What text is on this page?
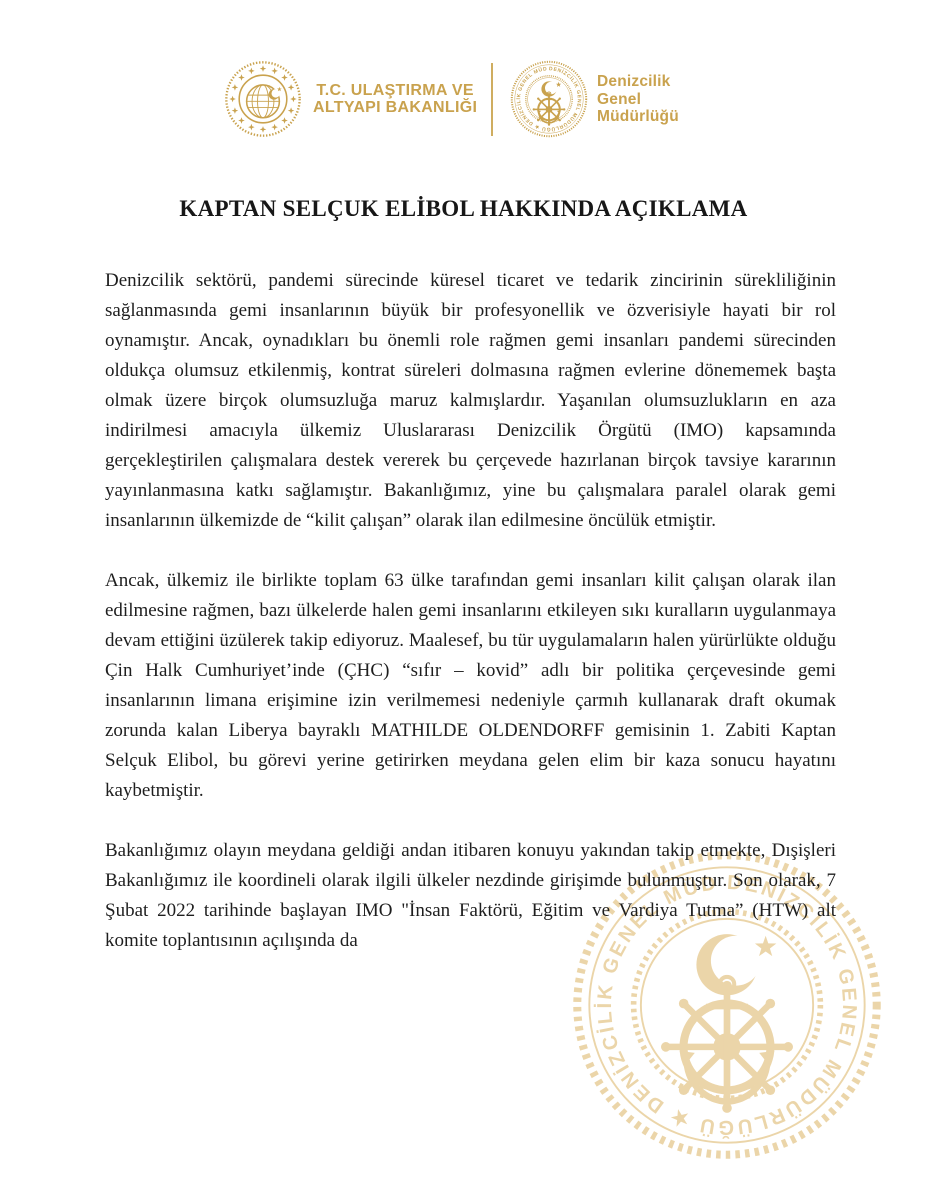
T.C. ULAŞTIRMA VE
ALTYAPI BAKANLIĞI
Denizcilik
Genel
Müdürlüğü
KAPTAN SELÇUK ELİBOL HAKKINDA AÇIKLAMA

Denizcilik sektörü, pandemi sürecinde küresel ticaret ve tedarik zincirinin sürekliliğinin sağlanmasında gemi insanlarının büyük bir profesyonellik ve özverisiyle hayati bir rol oynamıştır. Ancak, oynadıkları bu önemli role rağmen gemi insanları pandemi sürecinden oldukça olumsuz etkilenmiş, kontrat süreleri dolmasına rağmen evlerine dönememek başta olmak üzere birçok olumsuzluğa maruz kalmışlardır. Yaşanılan olumsuzlukların en aza indirilmesi amacıyla ülkemiz Uluslararası Denizcilik Örgütü (IMO) kapsamında gerçekleştirilen çalışmalara destek vererek bu çerçevede hazırlanan birçok tavsiye kararının yayınlanmasına katkı sağlamıştır. Bakanlığımız, yine bu çalışmalara paralel olarak gemi insanlarının ülkemizde de “kilit çalışan” olarak ilan edilmesine öncülük etmiştir.

Ancak, ülkemiz ile birlikte toplam 63 ülke tarafından gemi insanları kilit çalışan olarak ilan edilmesine rağmen, bazı ülkelerde halen gemi insanlarını etkileyen sıkı kuralların uygulanmaya devam ettiğini üzülerek takip ediyoruz. Maalesef, bu tür uygulamaların halen yürürlükte olduğu Çin Halk Cumhuriyet’inde (ÇHC) “sıfır – kovid” adlı bir politika çerçevesinde gemi insanlarının limana erişimine izin verilmemesi nedeniyle çarmıh kullanarak draft okumak zorunda kalan Liberya bayraklı MATHILDE OLDENDORFF gemisinin 1. Zabiti Kaptan Selçuk Elibol, bu görevi yerine getirirken meydana gelen elim bir kaza sonucu hayatını kaybetmiştir.

Bakanlığımız olayın meydana geldiği andan itibaren konuyu yakından takip etmekte, Dışişleri Bakanlığımız ile koordineli olarak ilgili ülkeler nezdinde girişimde bulunmuştur. Son olarak, 7 Şubat 2022 tarihinde başlayan IMO "İnsan Faktörü, Eğitim ve Vardiya Tutma” (HTW) alt komite toplantısının açılışında da
